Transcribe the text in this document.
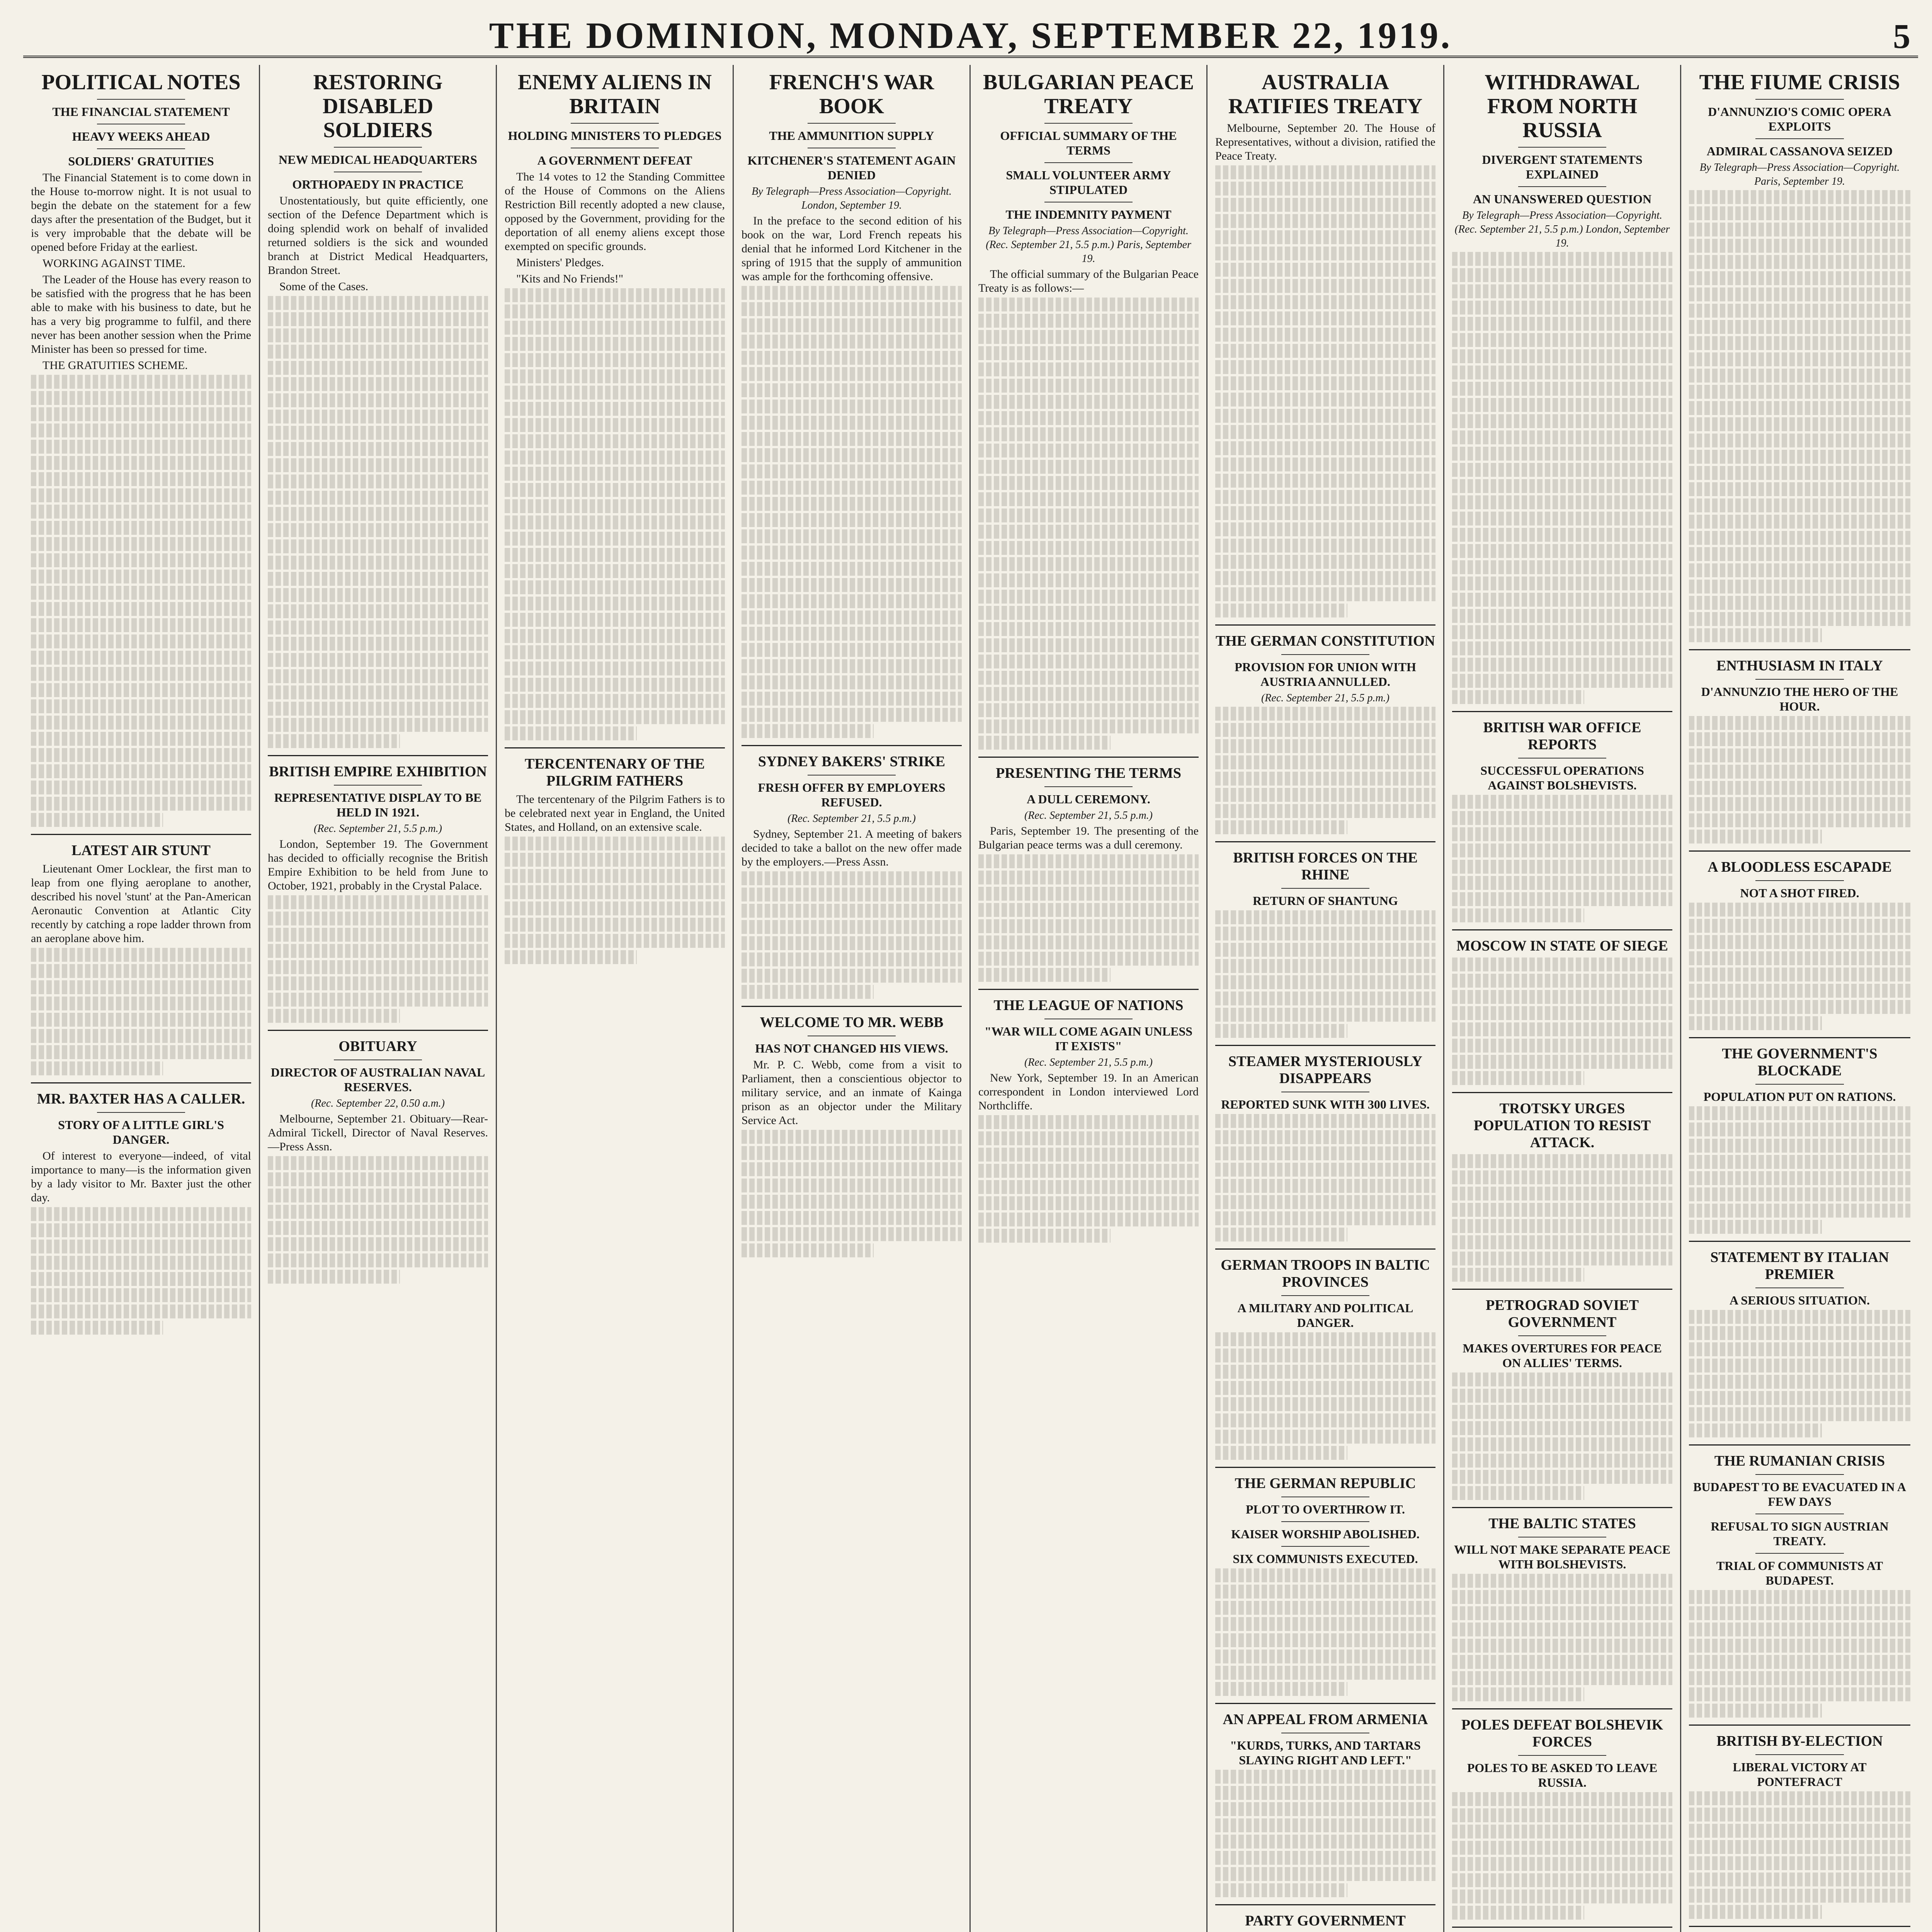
THE DOMINION, MONDAY, SEPTEMBER 22, 1919.	5
POLITICAL NOTES
THE FINANCIAL STATEMENT
HEAVY WEEKS AHEAD
SOLDIERS' GRATUITIES

The Financial Statement is to come down in the House to-morrow night. It is not usual to begin the debate on the statement for a few days after the presentation of the Budget, but it is very improbable that the debate will be opened before Friday at the earliest.

WORKING AGAINST TIME.

The Leader of the House has every reason to be satisfied with the progress that he has been able to make with his business to date, but he has a very big programme to fulfil, and there never has been another session when the Prime Minister has been so pressed for time.

THE GRATUITIES SCHEME.

LATEST AIR STUNT

Lieutenant Omer Locklear, the first man to leap from one flying aeroplane to another, described his novel 'stunt' at the Pan-American Aeronautic Convention at Atlantic City recently by catching a rope ladder thrown from an aeroplane above him.

MR. BAXTER HAS A CALLER.
STORY OF A LITTLE GIRL'S DANGER.

Of interest to everyone—indeed, of vital importance to many—is the information given by a lady visitor to Mr. Baxter just the other day.

RESTORING DISABLED SOLDIERS
NEW MEDICAL HEADQUARTERS
ORTHOPAEDY IN PRACTICE

Unostentatiously, but quite efficiently, one section of the Defence Department which is doing splendid work on behalf of invalided returned soldiers is the sick and wounded branch at District Medical Headquarters, Brandon Street.

Some of the Cases.

BRITISH EMPIRE EXHIBITION
REPRESENTATIVE DISPLAY TO BE HELD IN 1921.
(Rec. September 21, 5.5 p.m.)

London, September 19. The Government has decided to officially recognise the British Empire Exhibition to be held from June to October, 1921, probably in the Crystal Palace.

OBITUARY
DIRECTOR OF AUSTRALIAN NAVAL RESERVES.
(Rec. September 22, 0.50 a.m.)

Melbourne, September 21. Obituary—Rear-Admiral Tickell, Director of Naval Reserves.—Press Assn.

ENEMY ALIENS IN BRITAIN
HOLDING MINISTERS TO PLEDGES
A GOVERNMENT DEFEAT

The 14 votes to 12 the Standing Committee of the House of Commons on the Aliens Restriction Bill recently adopted a new clause, opposed by the Government, providing for the deportation of all enemy aliens except those exempted on specific grounds.

Ministers' Pledges.

"Kits and No Friends!"

TERCENTENARY OF THE PILGRIM FATHERS

The tercentenary of the Pilgrim Fathers is to be celebrated next year in England, the United States, and Holland, on an extensive scale.

FRENCH'S WAR BOOK
THE AMMUNITION SUPPLY
KITCHENER'S STATEMENT AGAIN DENIED
By Telegraph—Press Association—Copyright. London, September 19.

In the preface to the second edition of his book on the war, Lord French repeats his denial that he informed Lord Kitchener in the spring of 1915 that the supply of ammunition was ample for the forthcoming offensive.

SYDNEY BAKERS' STRIKE
FRESH OFFER BY EMPLOYERS REFUSED.
(Rec. September 21, 5.5 p.m.)

Sydney, September 21. A meeting of bakers decided to take a ballot on the new offer made by the employers.—Press Assn.

WELCOME TO MR. WEBB
HAS NOT CHANGED HIS VIEWS.

Mr. P. C. Webb, come from a visit to Parliament, then a conscientious objector to military service, and an inmate of Kainga prison as an objector under the Military Service Act.

BULGARIAN PEACE TREATY
OFFICIAL SUMMARY OF THE TERMS
SMALL VOLUNTEER ARMY STIPULATED
THE INDEMNITY PAYMENT
By Telegraph—Press Association—Copyright. (Rec. September 21, 5.5 p.m.) Paris, September 19.

The official summary of the Bulgarian Peace Treaty is as follows:—

PRESENTING THE TERMS
A DULL CEREMONY.
(Rec. September 21, 5.5 p.m.)

Paris, September 19. The presenting of the Bulgarian peace terms was a dull ceremony.

THE LEAGUE OF NATIONS
"WAR WILL COME AGAIN UNLESS IT EXISTS"
(Rec. September 21, 5.5 p.m.)

New York, September 19. In an American correspondent in London interviewed Lord Northcliffe.

AUSTRALIA RATIFIES TREATY

Melbourne, September 20. The House of Representatives, without a division, ratified the Peace Treaty.

THE GERMAN CONSTITUTION
PROVISION FOR UNION WITH AUSTRIA ANNULLED.
(Rec. September 21, 5.5 p.m.)
BRITISH FORCES ON THE RHINE
RETURN OF SHANTUNG
STEAMER MYSTERIOUSLY DISAPPEARS
REPORTED SUNK WITH 300 LIVES.
GERMAN TROOPS IN BALTIC PROVINCES
A MILITARY AND POLITICAL DANGER.
THE GERMAN REPUBLIC
PLOT TO OVERTHROW IT.
KAISER WORSHIP ABOLISHED.
SIX COMMUNISTS EXECUTED.
AN APPEAL FROM ARMENIA
"KURDS, TURKS, AND TARTARS SLAYING RIGHT AND LEFT."
PARTY GOVERNMENT
WITHDRAWAL FROM NORTH RUSSIA
DIVERGENT STATEMENTS EXPLAINED
AN UNANSWERED QUESTION
By Telegraph—Press Association—Copyright. (Rec. September 21, 5.5 p.m.) London, September 19.
BRITISH WAR OFFICE REPORTS
SUCCESSFUL OPERATIONS AGAINST BOLSHEVISTS.
MOSCOW IN STATE OF SIEGE
TROTSKY URGES POPULATION TO RESIST ATTACK.
PETROGRAD SOVIET GOVERNMENT
MAKES OVERTURES FOR PEACE ON ALLIES' TERMS.
THE BALTIC STATES
WILL NOT MAKE SEPARATE PEACE WITH BOLSHEVISTS.
POLES DEFEAT BOLSHEVIK FORCES
POLES TO BE ASKED TO LEAVE RUSSIA.
THE FIUME CRISIS
D'ANNUNZIO'S COMIC OPERA EXPLOITS
ADMIRAL CASSANOVA SEIZED
By Telegraph—Press Association—Copyright. Paris, September 19.
ENTHUSIASM IN ITALY
D'ANNUNZIO THE HERO OF THE HOUR.
A BLOODLESS ESCAPADE
NOT A SHOT FIRED.
THE GOVERNMENT'S BLOCKADE
POPULATION PUT ON RATIONS.
STATEMENT BY ITALIAN PREMIER
A SERIOUS SITUATION.
THE RUMANIAN CRISIS
BUDAPEST TO BE EVACUATED IN A FEW DAYS
REFUSAL TO SIGN AUSTRIAN TREATY.
TRIAL OF COMMUNISTS AT BUDAPEST.
BRITISH BY-ELECTION
LIBERAL VICTORY AT PONTEFRACT
